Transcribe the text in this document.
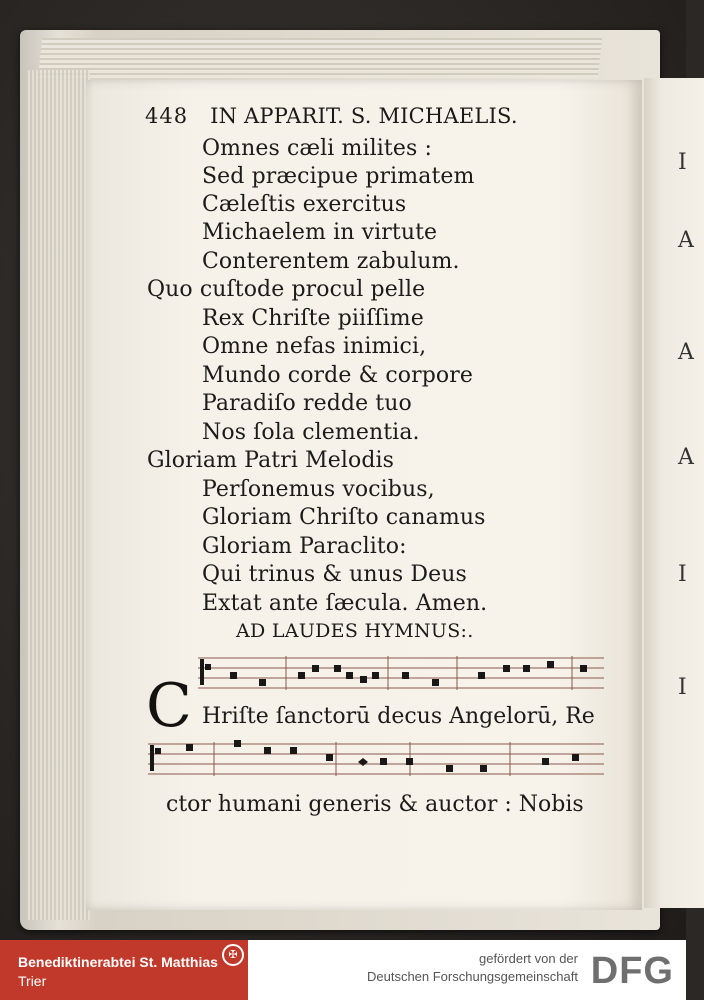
I
A
A
A
I
I
448 IN APPARIT. S. MICHAELIS.
Omnes cæli milites :
Sed præcipue primatem
Cæleſtis exercitus
Michaelem in virtute
Conterentem zabulum.
Quo cuſtode procul pelle
Rex Chriſte piiſſime
Omne nefas inimici,
Mundo corde & corpore
Paradiſo redde tuo
Nos ſola clementia.
Gloriam Patri Melodis
Perſonemus vocibus,
Gloriam Chriſto canamus
Gloriam Paraclito:
Qui trinus & unus Deus
Extat ante ſæcula. Amen.
AD LAUDES HYMNUS:.
C Hriſte ſanctorū decus Angelorū, Re
ctor humani generis & auctor : Nobis
Benediktinerabtei St. Matthias
Trier
✠	gefördert von der
Deutschen Forschungsgemeinschaft DFG
